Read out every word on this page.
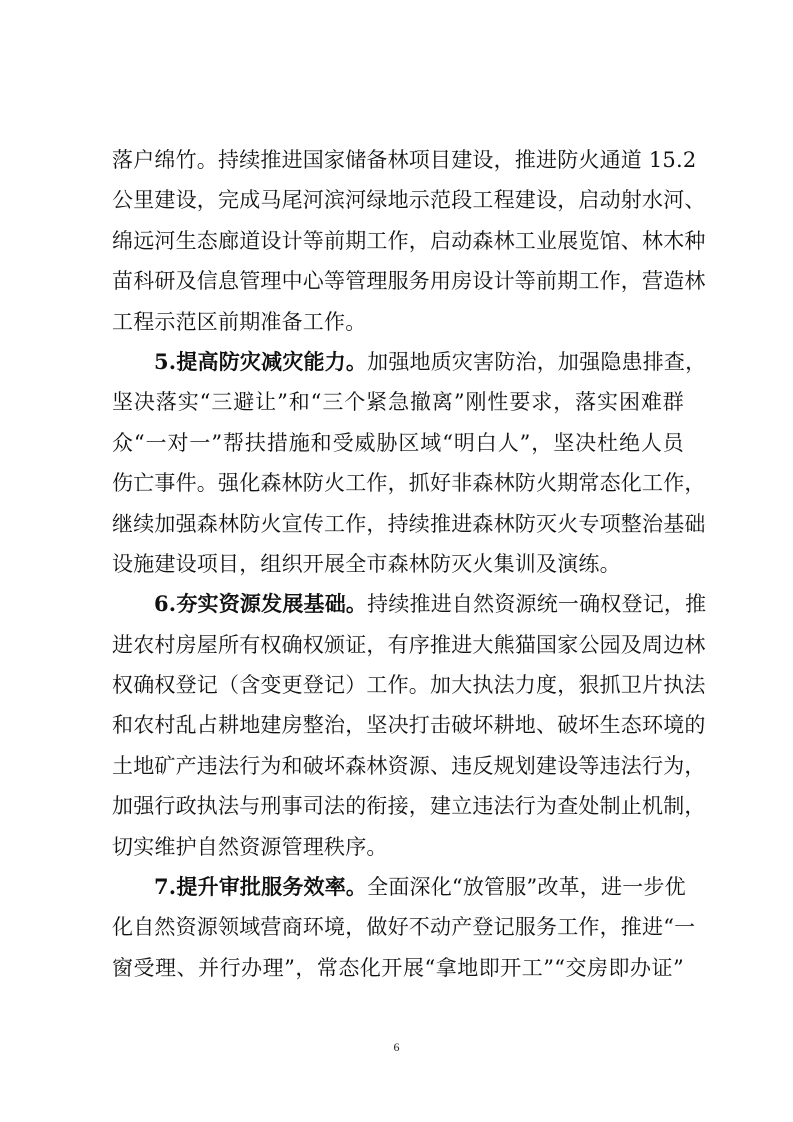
落户绵竹。持续推进国家储备林项目建设，推进防火通道 15.2
公里建设，完成马尾河滨河绿地示范段工程建设，启动射水河、
绵远河生态廊道设计等前期工作，启动森林工业展览馆、林木种
苗科研及信息管理中心等管理服务用房设计等前期工作，营造林
工程示范区前期准备工作。
5.提高防灾减灾能力。加强地质灾害防治，加强隐患排查，
坚决落实“三避让”和“三个紧急撤离”刚性要求，落实困难群
众“一对一”帮扶措施和受威胁区域“明白人”，坚决杜绝人员
伤亡事件。强化森林防火工作，抓好非森林防火期常态化工作，
继续加强森林防火宣传工作，持续推进森林防灭火专项整治基础
设施建设项目，组织开展全市森林防灭火集训及演练。
6.夯实资源发展基础。持续推进自然资源统一确权登记，推
进农村房屋所有权确权颁证，有序推进大熊猫国家公园及周边林
权确权登记（含变更登记）工作。加大执法力度，狠抓卫片执法
和农村乱占耕地建房整治，坚决打击破坏耕地、破坏生态环境的
土地矿产违法行为和破坏森林资源、违反规划建设等违法行为，
加强行政执法与刑事司法的衔接，建立违法行为查处制止机制，
切实维护自然资源管理秩序。
7.提升审批服务效率。全面深化“放管服”改革，进一步优
化自然资源领域营商环境，做好不动产登记服务工作，推进“一
窗受理、并行办理”，常态化开展“拿地即开工”“交房即办证”
6
